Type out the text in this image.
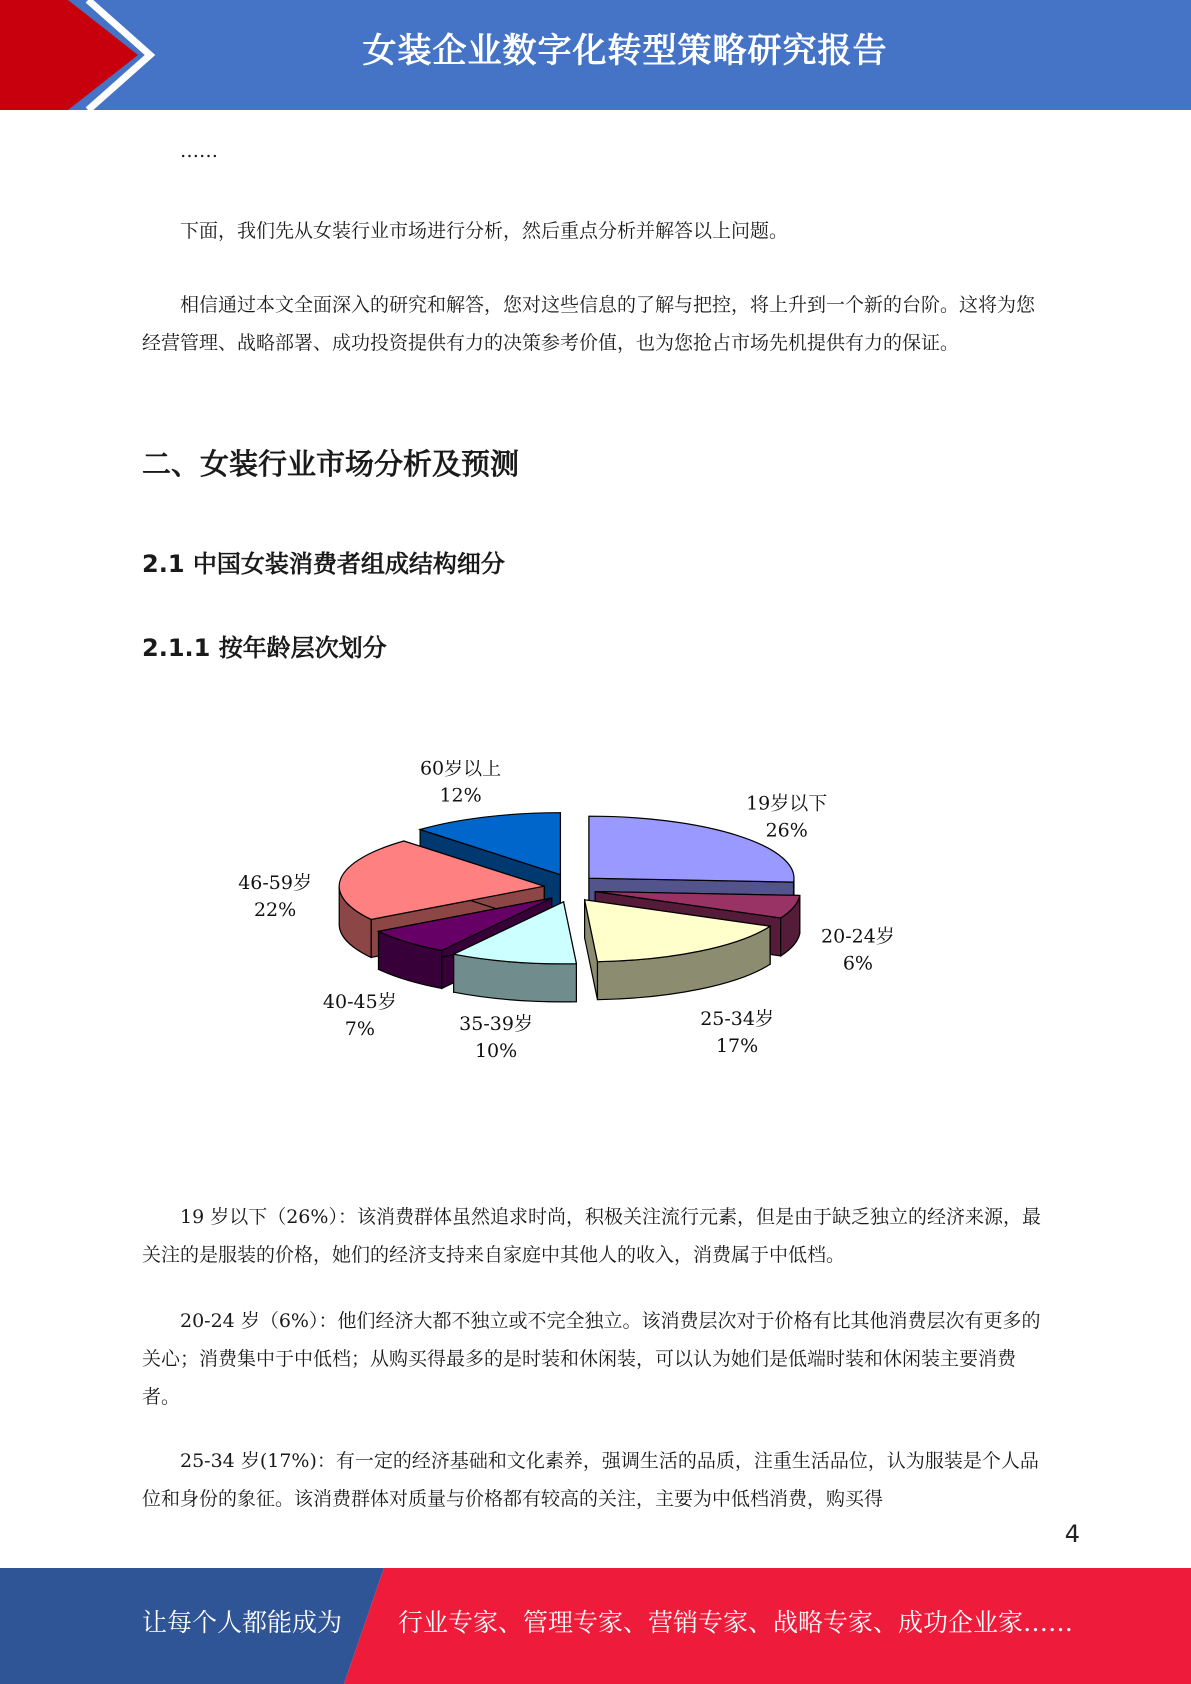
女装企业数字化转型策略研究报告

……

下面，我们先从女装行业市场进行分析，然后重点分析并解答以上问题。

相信通过本文全面深入的研究和解答，您对这些信息的了解与把控，将上升到一个新的台阶。这将为您经营管理、战略部署、成功投资提供有力的决策参考价值，也为您抢占市场先机提供有力的保证。

二、女装行业市场分析及预测
2.1 中国女装消费者组成结构细分
2.1.1 按年龄层次划分
19岁以下
26%
20-24岁
6%
25-34岁
17%
35-39岁
10%
40-45岁
7%
46-59岁
22%
60岁以上
12%

19 岁以下（26%）：该消费群体虽然追求时尚，积极关注流行元素，但是由于缺乏独立的经济来源，最关注的是服装的价格，她们的经济支持来自家庭中其他人的收入，消费属于中低档。

20-24 岁（6%）：他们经济大都不独立或不完全独立。该消费层次对于价格有比其他消费层次有更多的关心；消费集中于中低档；从购买得最多的是时装和休闲装，可以认为她们是低端时装和休闲装主要消费者。

25-34 岁(17%)：有一定的经济基础和文化素养，强调生活的品质，注重生活品位，认为服装是个人品位和身份的象征。该消费群体对质量与价格都有较高的关注，主要为中低档消费，购买得

4
让每个人都能成为 行业专家、管理专家、营销专家、战略专家、成功企业家……
